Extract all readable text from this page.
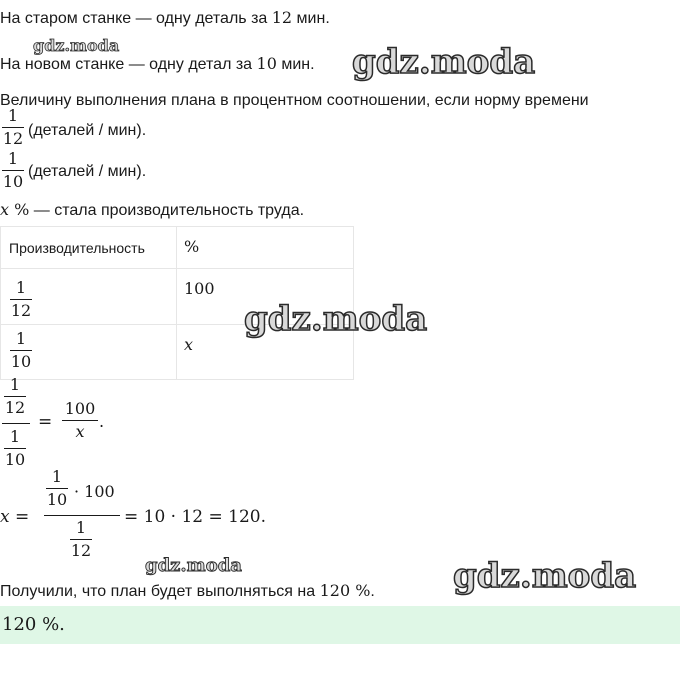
На старом станке — одну деталь за 12 мин.
gdz.moda
На новом станке — одну детал за 10 мин. gdz.moda
Величину выполнения плана в процентном соотношении, если норму времени
1
12 (деталей / мин).
1
10
(деталей / мин).
x % — стала производительность труда.
Производительность	%

1
12	100

1
10	x
gdz.moda
1
12
1
10
=
100
x
.
x =
1
10 · 100
1
12
= 10 · 12 = 120.
gdz.moda
Получили, что план будет выполняться на 120 %. gdz.moda
120 %.
